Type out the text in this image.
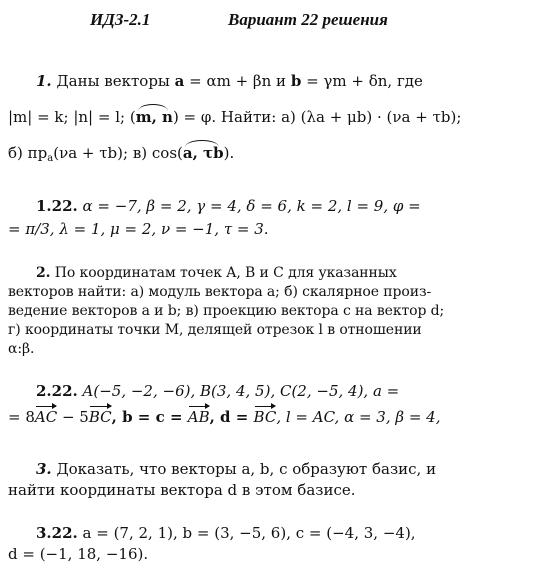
ИДЗ-2.1	Вариант 22 решения
1. Даны векторы a = αm + βn и b = γm + δn, где
|m| = k; |n| = l; (
m, n) = φ. Найти: а) (λa + μb) · (νa + τb);
б) $пр_a(\nu a + \tau b)$; в) cos(
a, τb).
1.22. α = −7, β = 2, γ = 4, δ = 6, k = 2, l = 9, φ =
= π/3, λ = 1, μ = 2, ν = −1, τ = 3.
2. По координатам точек A, B и C для указанных
векторов найти: а) модуль вектора a; б) скалярное произ-
ведение векторов a и b; в) проекцию вектора c на вектор d;
г) координаты точки M, делящей отрезок l в отношении
α:β.
2.22. A(−5, −2, −6), B(3, 4, 5), C(2, −5, 4), a =
= 8AC − 5BC, b = c = AB, d = BC, l = AC, α = 3, β = 4,
3. Доказать, что векторы a, b, c образуют базис, и
найти координаты вектора d в этом базисе.
3.22. a = (7, 2, 1), b = (3, −5, 6), c = (−4, 3, −4),
d = (−1, 18, −16).
